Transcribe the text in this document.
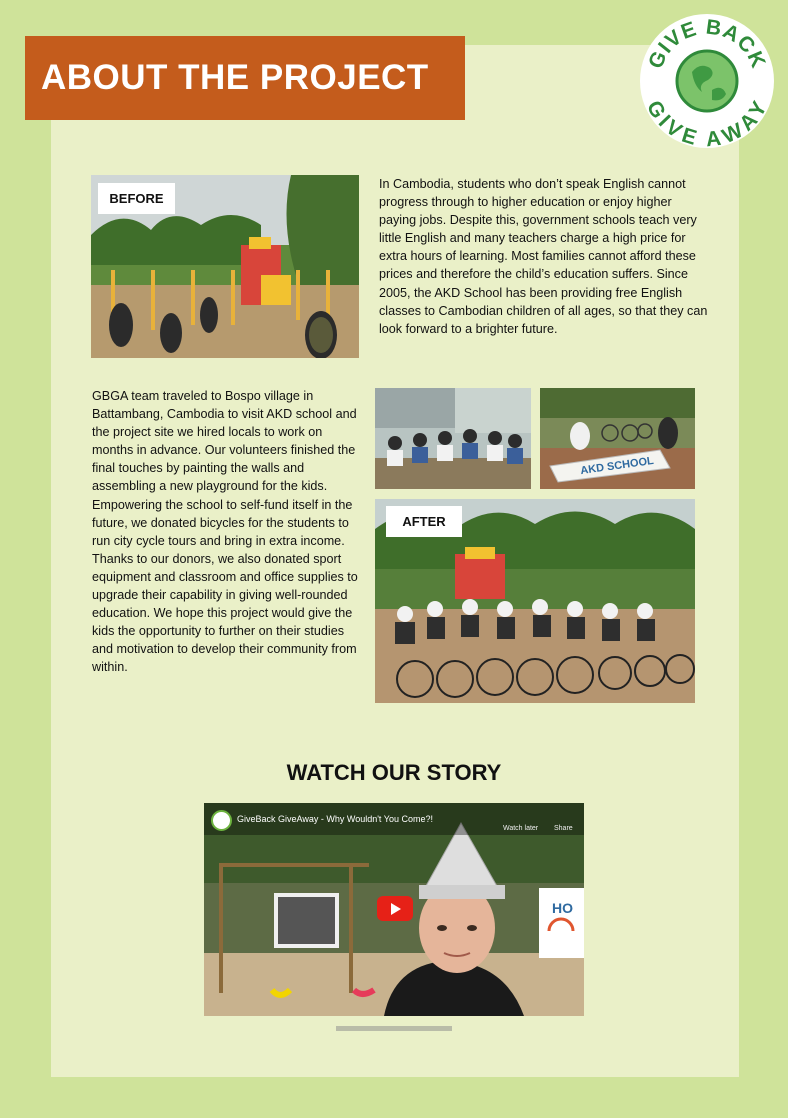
ABOUT THE PROJECT	GIVE BACK
GIVE AWAY
BEFORE
In Cambodia, students who don’t speak English cannot progress through to higher education or enjoy higher paying jobs. Despite this, government schools teach very little English and many teachers charge a high price for extra hours of learning. Most families cannot afford these prices and therefore the child’s education suffers. Since 2005, the AKD School has been providing free English classes to Cambodian children of all ages, so that they can look forward to a brighter future.
GBGA team traveled to Bospo village in Battambang, Cambodia to visit AKD school and the project site we hired locals to work on months in advance. Our volunteers finished the final touches by painting the walls and assembling a new playground for the kids. Empowering the school to self-fund itself in the future, we donated bicycles for the students to run city cycle tours and bring in extra income. Thanks to our donors, we also donated sport equipment and classroom and office supplies to upgrade their capability in giving well-rounded education. We hope this project would give the kids the opportunity to further on their studies and motivation to develop their community from within.
AKD SCHOOL
AFTER
WATCH OUR STORY
HO
GiveBack GiveAway - Why Wouldn't You Come?!
Watch later Share
